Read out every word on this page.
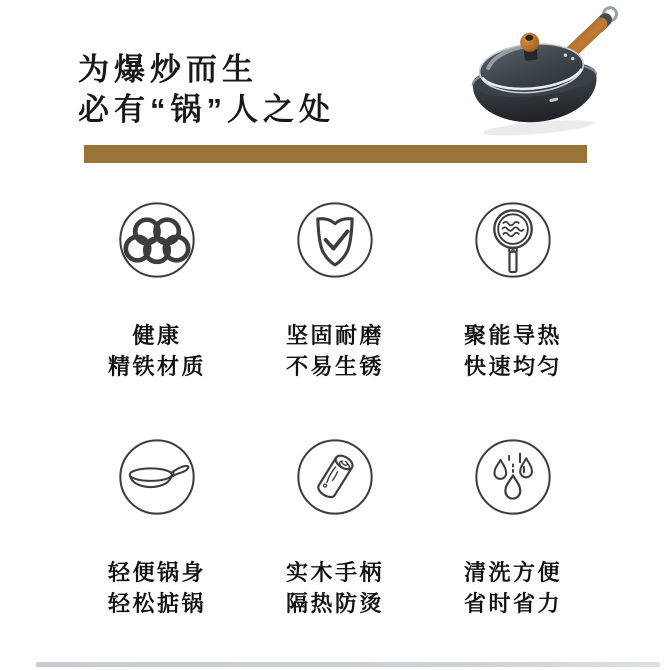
为爆炒而生
必有“锅”人之处
健康
精铁材质
坚固耐磨
不易生锈
聚能导热
快速均匀
轻便锅身
轻松掂锅
实木手柄
隔热防烫
清洗方便
省时省力
